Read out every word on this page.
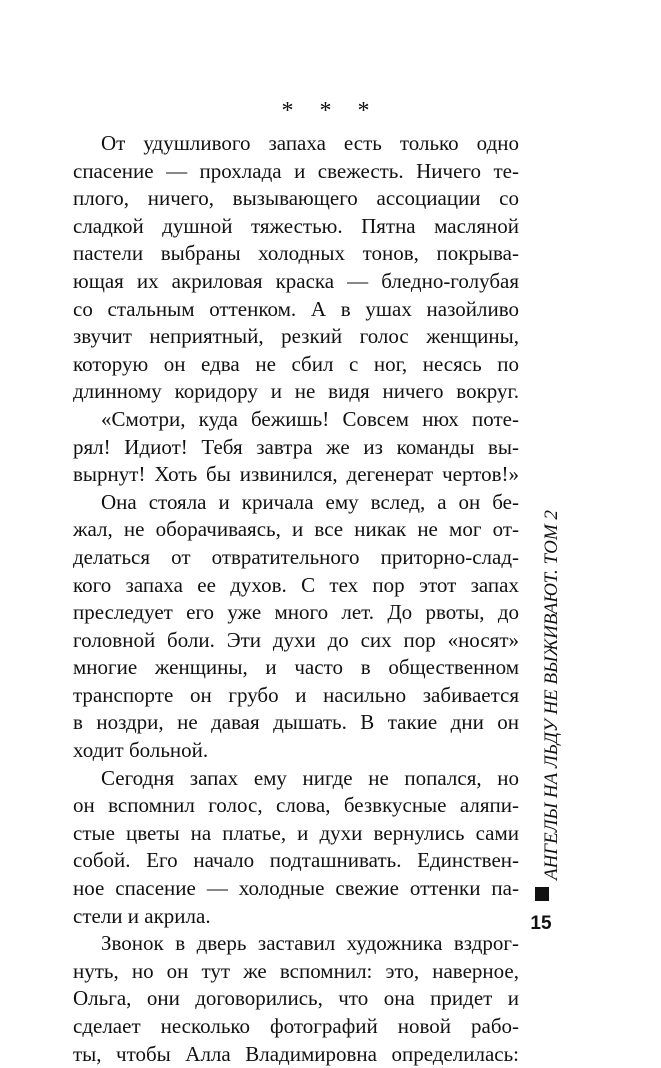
* * *
От удушливого запаха есть только одно
спасение — прохлада и свежесть. Ничего те-
плого, ничего, вызывающего ассоциации со
сладкой душной тяжестью. Пятна масляной
пастели выбраны холодных тонов, покрыва-
ющая их акриловая краска — бледно-голубая
со стальным оттенком. А в ушах назойливо
звучит неприятный, резкий голос женщины,
которую он едва не сбил с ног, несясь по
длинному коридору и не видя ничего вокруг.
«Смотри, куда бежишь! Совсем нюх поте-
рял! Идиот! Тебя завтра же из команды вы-
вырнут! Хоть бы извинился, дегенерат чертов!»
Она стояла и кричала ему вслед, а он бе-
жал, не оборачиваясь, и все никак не мог от-
делаться от отвратительного приторно-слад-
кого запаха ее духов. С тех пор этот запах
преследует его уже много лет. До рвоты, до
головной боли. Эти духи до сих пор «носят»
многие женщины, и часто в общественном
транспорте он грубо и насильно забивается
в ноздри, не давая дышать. В такие дни он
ходит больной.
Сегодня запах ему нигде не попался, но
он вспомнил голос, слова, безвкусные аляпи-
стые цветы на платье, и духи вернулись сами
собой. Его начало подташнивать. Единствен-
ное спасение — холодные свежие оттенки па-
стели и акрила.
Звонок в дверь заставил художника вздрог-
нуть, но он тут же вспомнил: это, наверное,
Ольга, они договорились, что она придет и
сделает несколько фотографий новой рабо-
ты, чтобы Алла Владимировна определилась:
АНГЕЛЫ НА ЛЬДУ НЕ ВЫЖИВАЮТ. ТОМ 2
15
